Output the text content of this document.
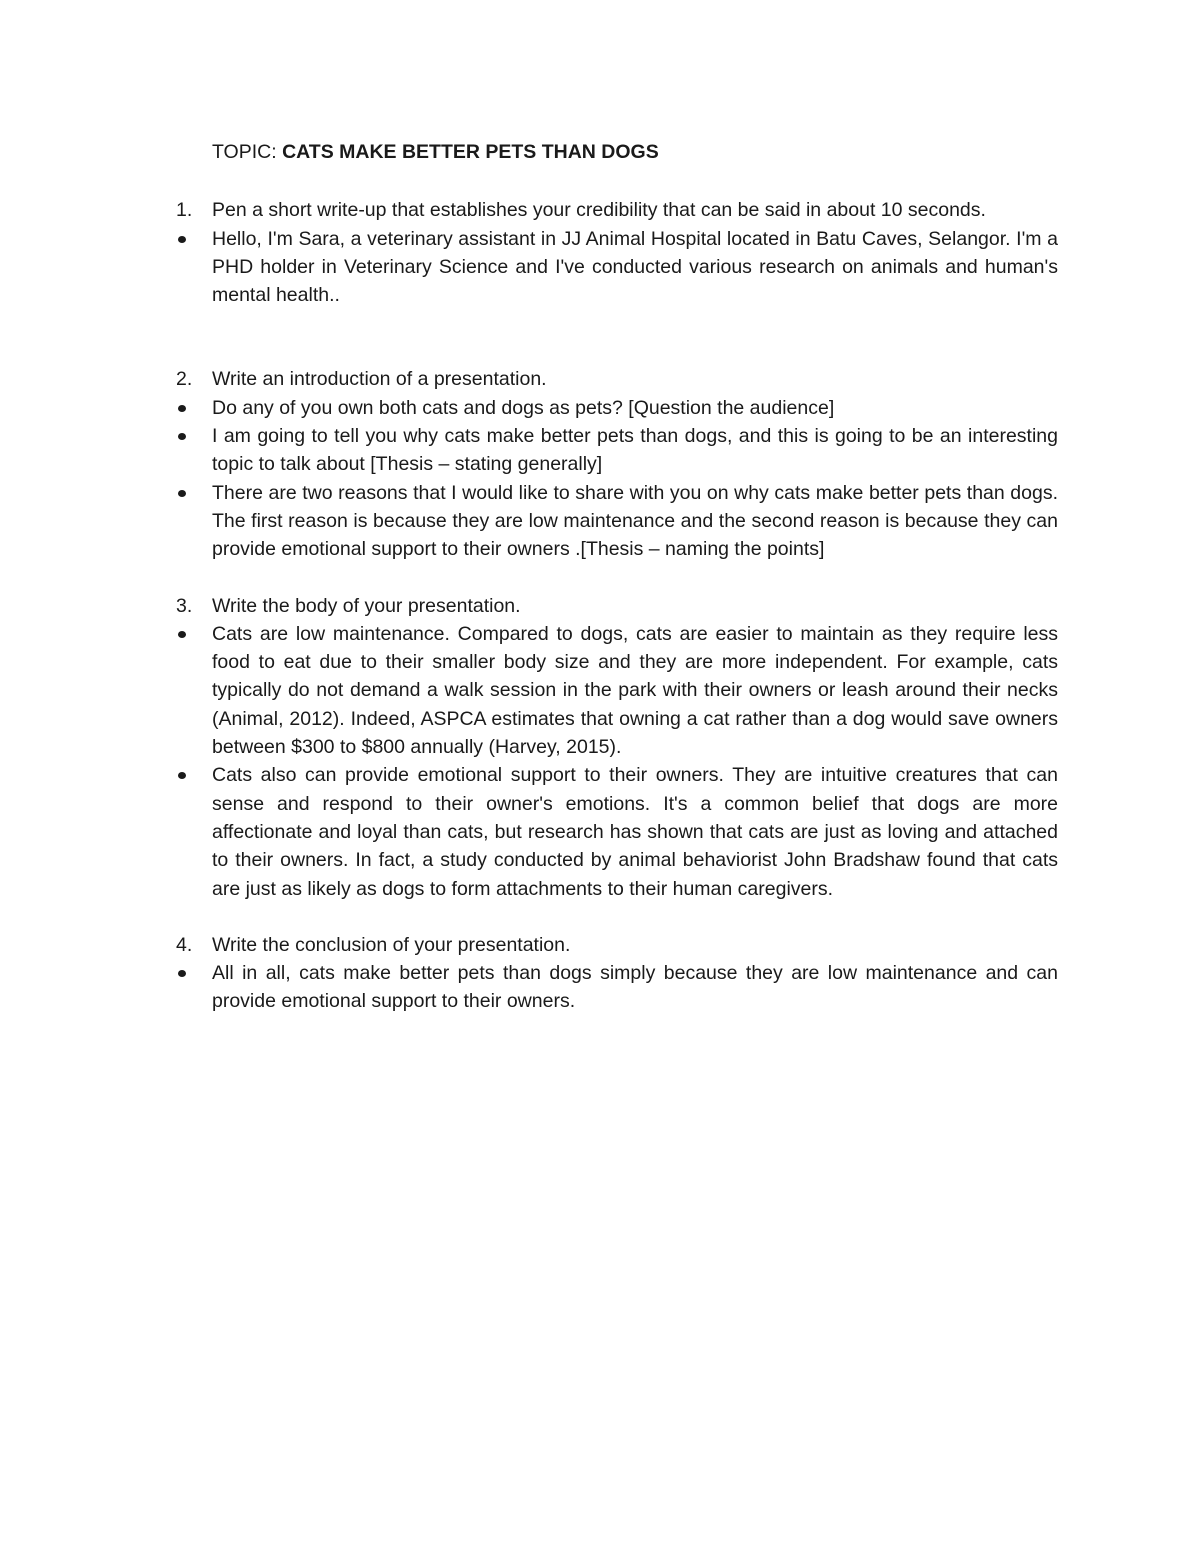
TOPIC: CATS MAKE BETTER PETS THAN DOGS
1. Pen a short write-up that establishes your credibility that can be said in about 10 seconds.
Hello, I'm Sara, a veterinary assistant in JJ Animal Hospital located in Batu Caves, Selangor. I'm a PHD holder in Veterinary Science and I've conducted various research on animals and human's mental health..
2. Write an introduction of a presentation.
Do any of you own both cats and dogs as pets? [Question the audience]
I am going to tell you why cats make better pets than dogs, and this is going to be an interesting topic to talk about [Thesis – stating generally]
There are two reasons that I would like to share with you on why cats make better pets than dogs. The first reason is because they are low maintenance and the second reason is because they can provide emotional support to their owners .[Thesis – naming the points]
3. Write the body of your presentation.
Cats are low maintenance. Compared to dogs, cats are easier to maintain as they require less food to eat due to their smaller body size and they are more independent. For example, cats typically do not demand a walk session in the park with their owners or leash around their necks (Animal, 2012). Indeed, ASPCA estimates that owning a cat rather than a dog would save owners between $300 to $800 annually (Harvey, 2015).
Cats also can provide emotional support to their owners. They are intuitive creatures that can sense and respond to their owner's emotions. It's a common belief that dogs are more affectionate and loyal than cats, but research has shown that cats are just as loving and attached to their owners. In fact, a study conducted by animal behaviorist John Bradshaw found that cats are just as likely as dogs to form attachments to their human caregivers.
4. Write the conclusion of your presentation.
All in all, cats make better pets than dogs simply because they are low maintenance and can provide emotional support to their owners.
